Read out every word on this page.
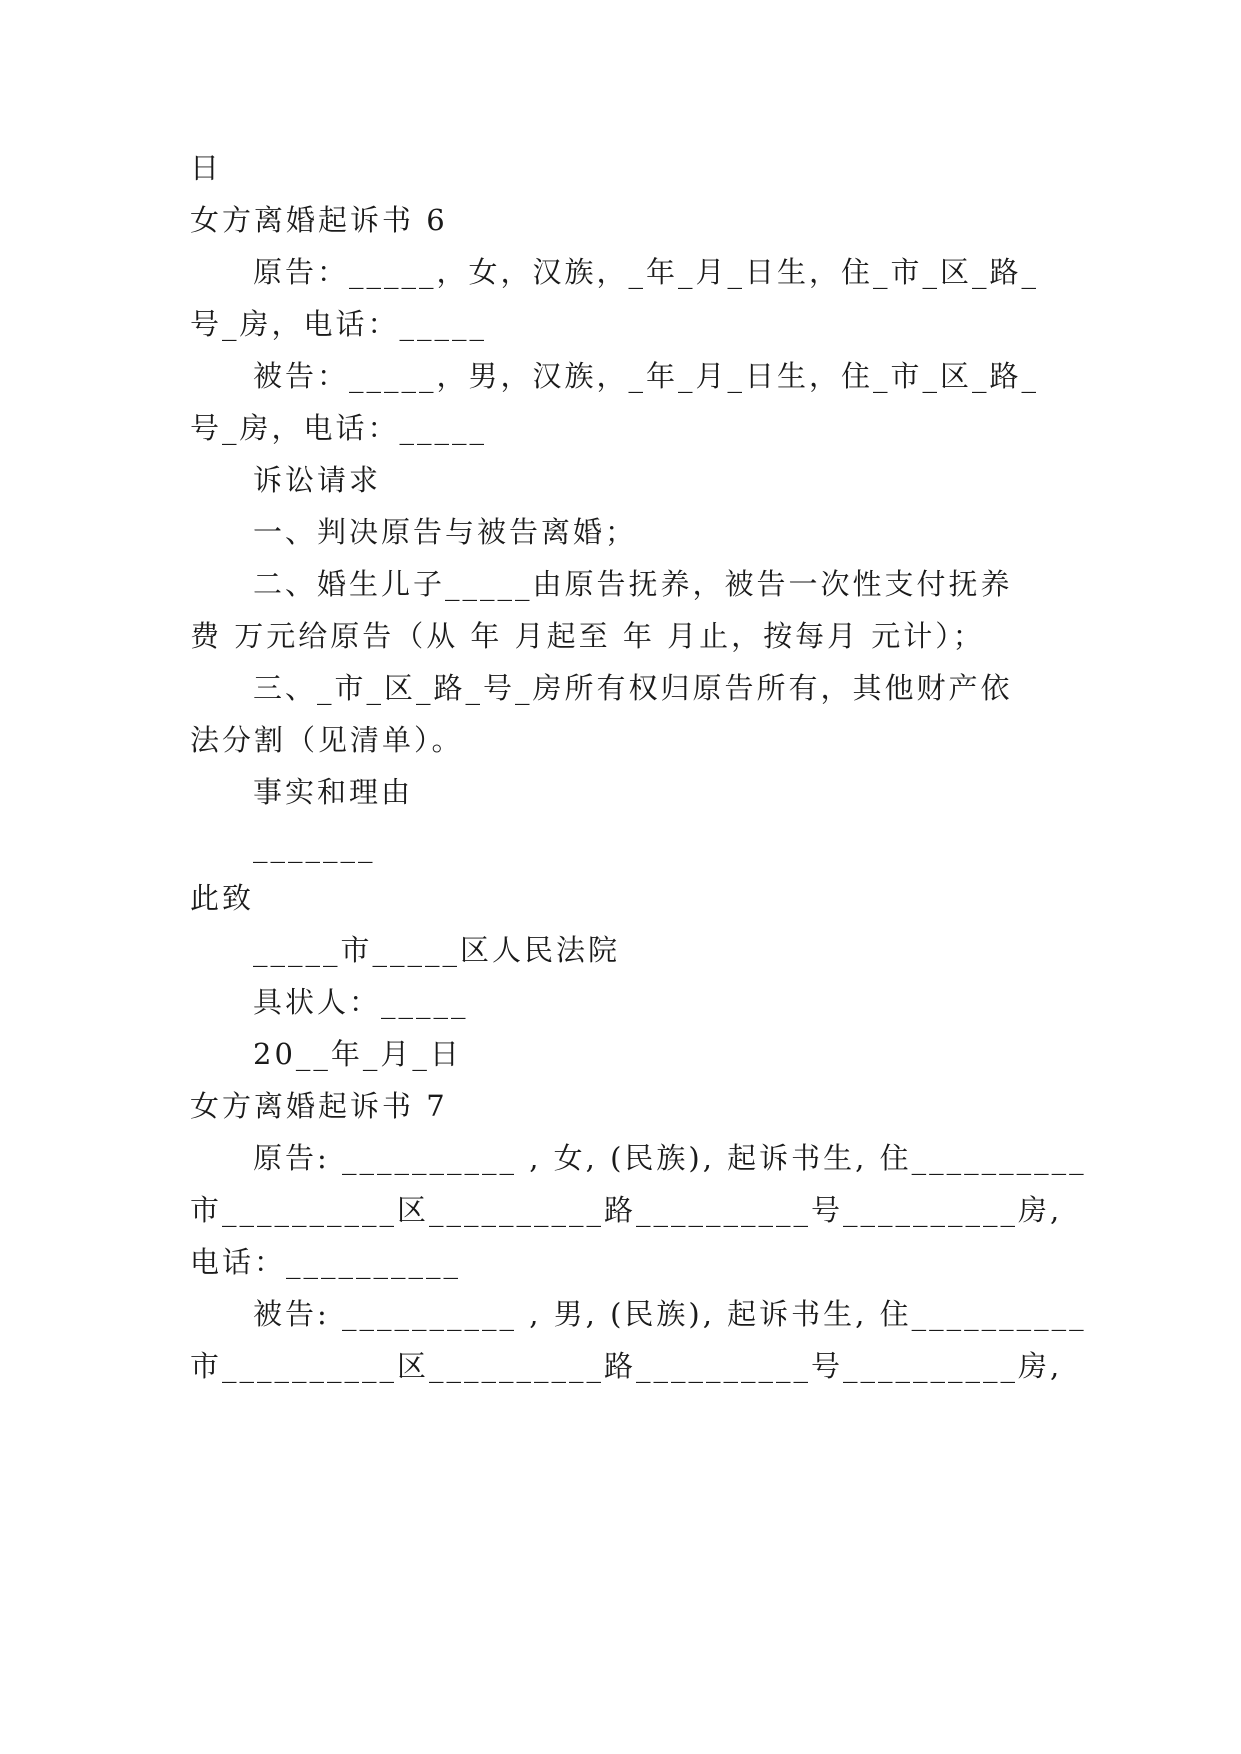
日
女方离婚起诉书 6
原告：_____，女，汉族，_年_月_日生，住_市_区_路_
号_房，电话：_____
被告：_____，男，汉族，_年_月_日生，住_市_区_路_
号_房，电话：_____
诉讼请求
一、判决原告与被告离婚；
二、婚生儿子_____由原告抚养，被告一次性支付抚养
费 万元给原告（从 年 月起至 年 月止，按每月 元计）；
三、_市_区_路_号_房所有权归原告所有，其他财产依
法分割（见清单）。
事实和理由
_______
此致
_____市_____区人民法院
具状人：_____
20__年_月_日
女方离婚起诉书 7
原告: __________ , 女, (民族), 起诉书生, 住__________
市__________区__________路__________号__________房,
电话：__________
被告: __________ , 男, (民族), 起诉书生, 住__________
市__________区__________路__________号__________房,
